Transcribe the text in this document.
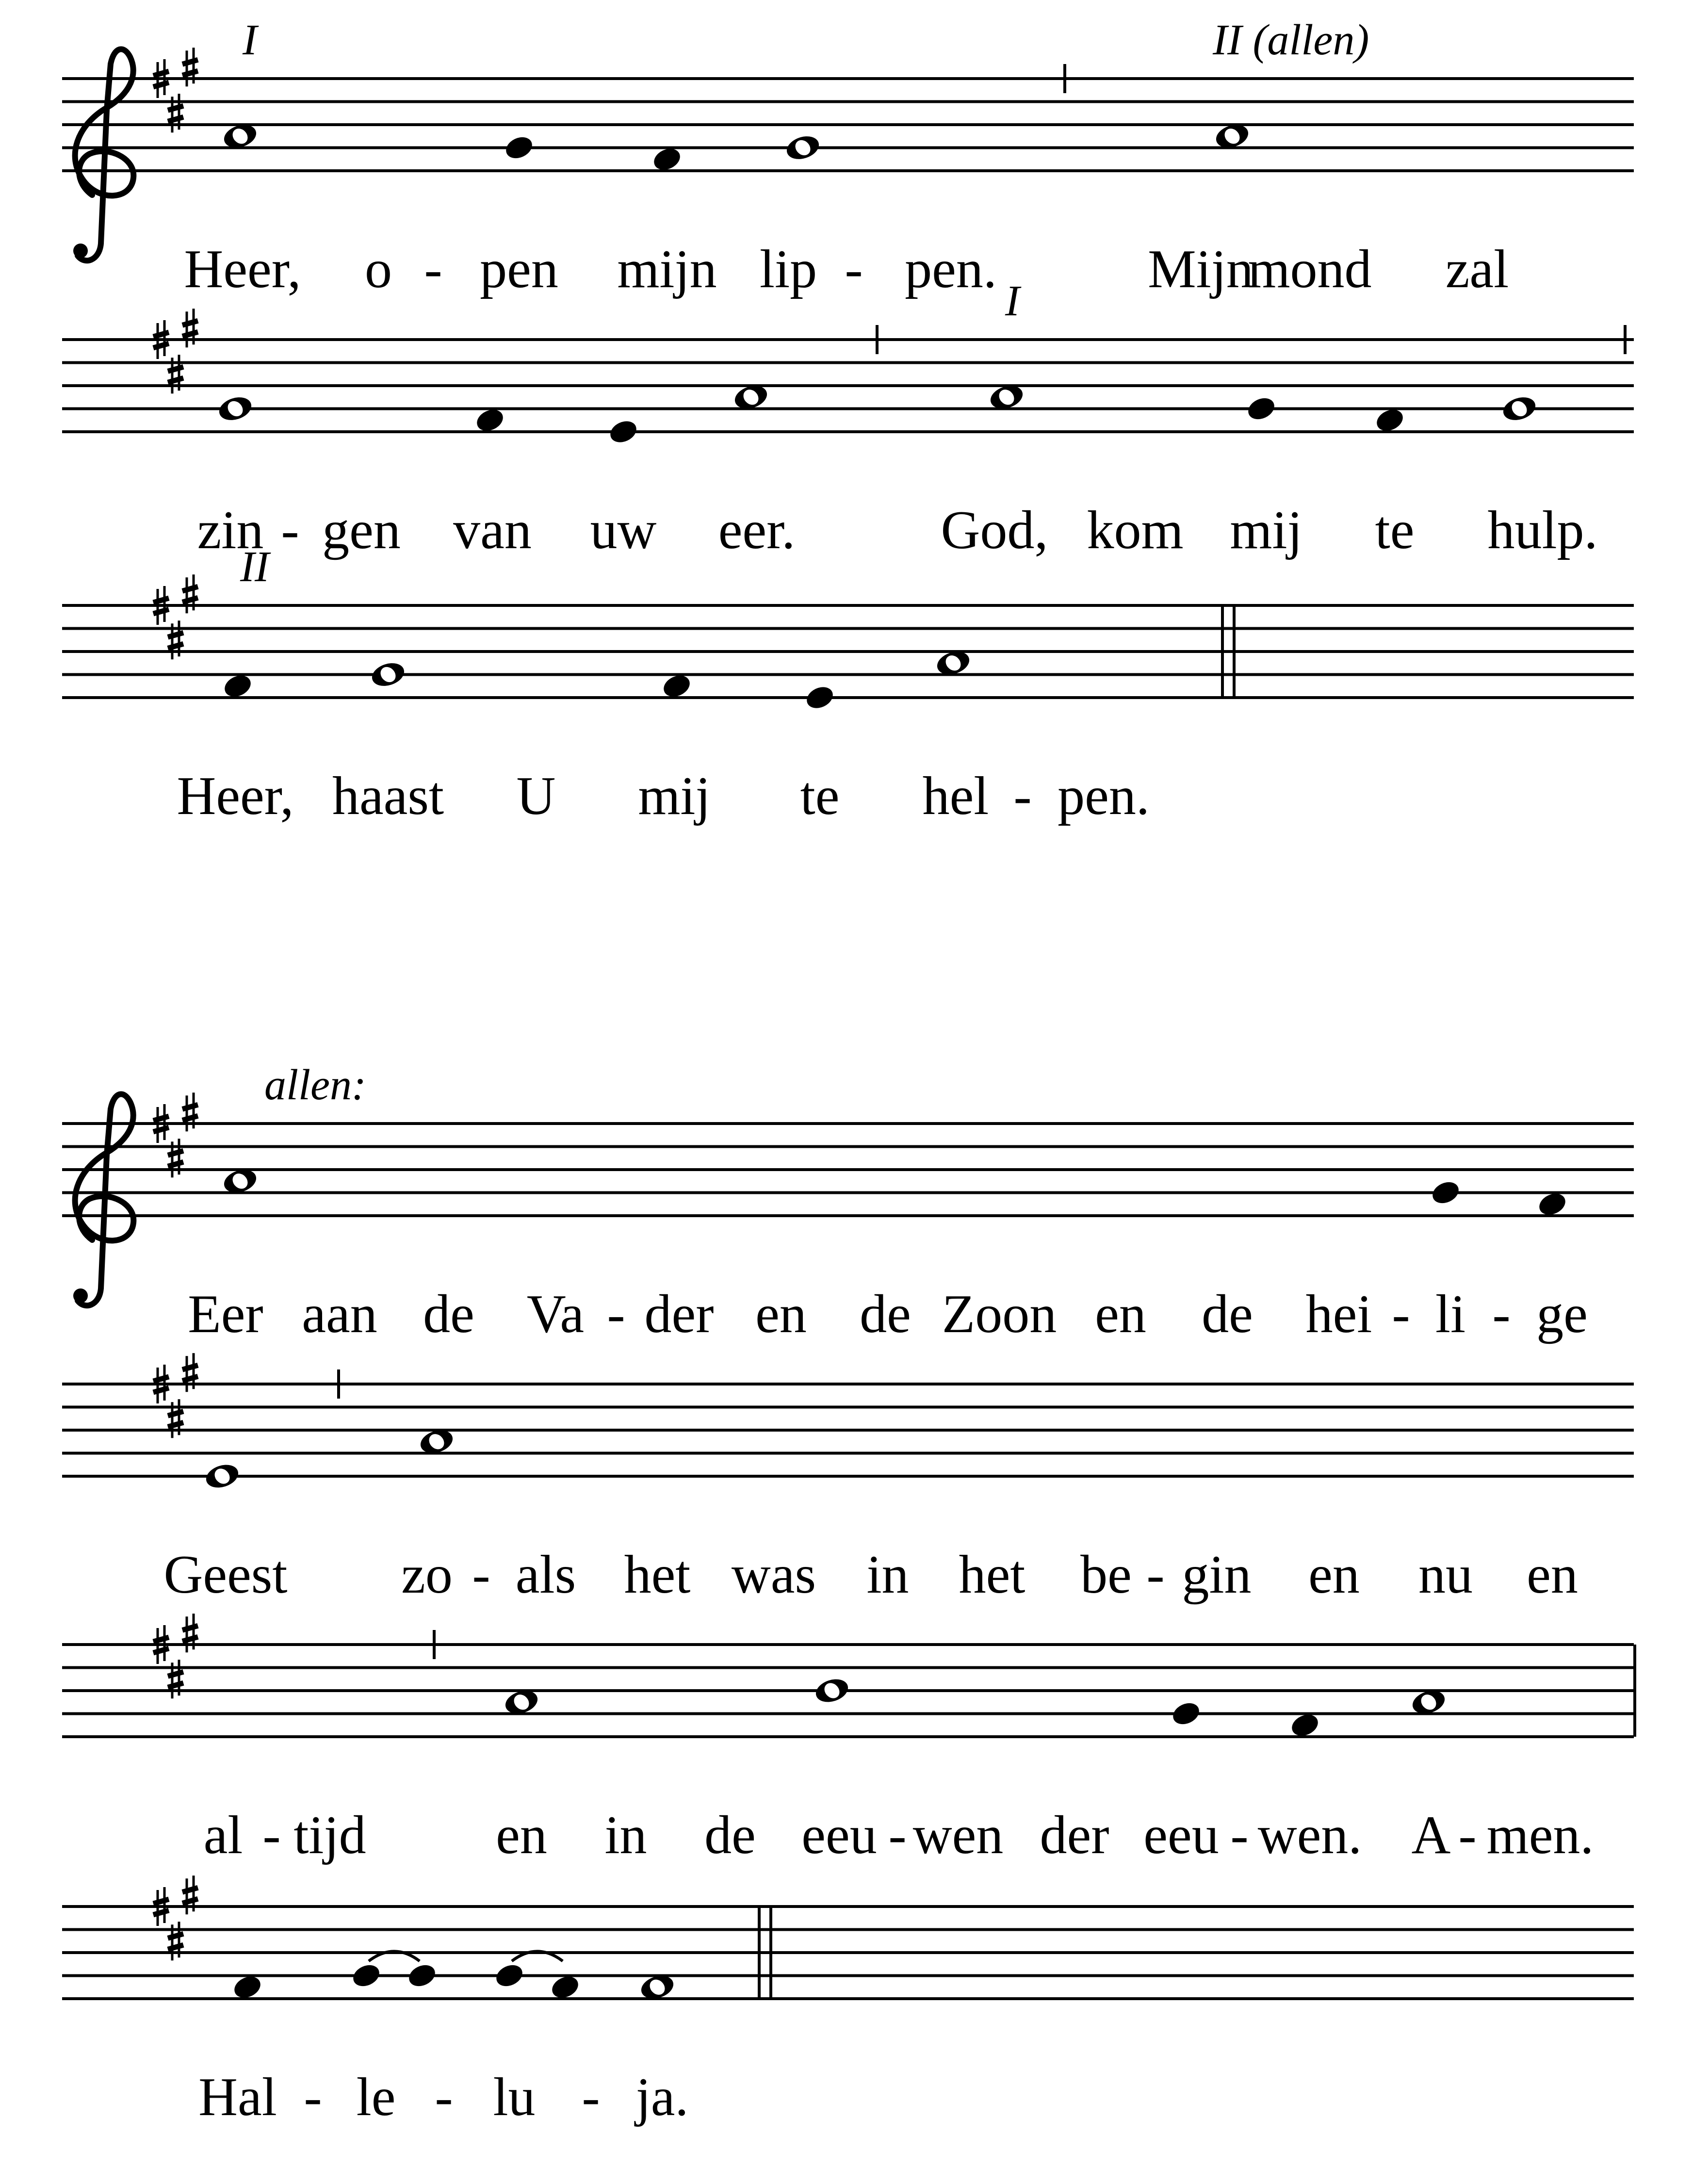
I	II (allen)
Heer, o - pen mijn lip - pen.	Mijn
mond zal
I
zin - gen van uw eer.	God, kom mij te hulp.
II
Heer, haast U mij te hel - pen.
allen:
Eer aan de Va - der en de Zoon en de hei - li - ge
Geest zo - als het was in het be - gin en nu en
al - tijd en in de eeu - wen der eeu - wen. A - men.
Hal - le - lu - ja.
